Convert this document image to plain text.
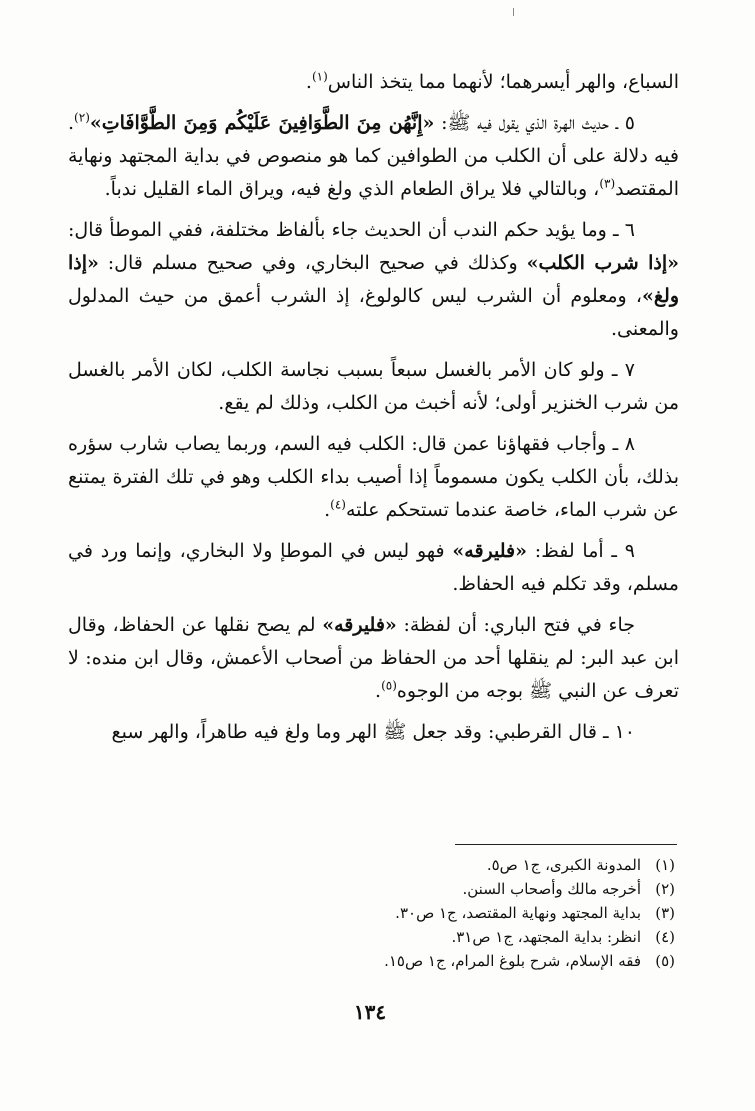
السباع، والهر أيسرهما؛ لأنهما مما يتخذ الناس$^{(١)}$.

٥ ـ حديث الهرة الذي يقول فيه ﷺ: «إِنَّهُن مِنَ الطَّوَافِينَ عَلَيْكُم وَمِنَ الطَّوَّافَاتِ»$^{(٢)}$. فيه دلالة على أن الكلب من الطوافين كما هو منصوص في بداية المجتهد ونهاية المقتصد$^{(٣)}$، وبالتالي فلا يراق الطعام الذي ولغ فيه، ويراق الماء القليل ندباً.

٦ ـ وما يؤيد حكم الندب أن الحديث جاء بألفاظ مختلفة، ففي الموطأ قال: «إذا شرب الكلب» وكذلك في صحيح البخاري، وفي صحيح مسلم قال: «إذا ولغ»، ومعلوم أن الشرب ليس كالولوغ، إذ الشرب أعمق من حيث المدلول والمعنى.

٧ ـ ولو كان الأمر بالغسل سبعاً بسبب نجاسة الكلب، لكان الأمر بالغسل من شرب الخنزير أولى؛ لأنه أخبث من الكلب، وذلك لم يقع.

٨ ـ وأجاب فقهاؤنا عمن قال: الكلب فيه السم، وربما يصاب شارب سؤره بذلك، بأن الكلب يكون مسموماً إذا أصيب بداء الكلب وهو في تلك الفترة يمتنع عن شرب الماء، خاصة عندما تستحكم علته$^{(٤)}$.

٩ ـ أما لفظ: «فليرقه» فهو ليس في الموطإ ولا البخاري، وإنما ورد في مسلم، وقد تكلم فيه الحفاظ.

جاء في فتح الباري: أن لفظة: «فليرقه» لم يصح نقلها عن الحفاظ، وقال ابن عبد البر: لم ينقلها أحد من الحفاظ من أصحاب الأعمش، وقال ابن منده: لا تعرف عن النبي ﷺ بوجه من الوجوه$^{(٥)}$.

١٠ ـ قال القرطبي: وقد جعل ﷺ الهر وما ولغ فيه طاهراً، والهر سبع

(١)المدونة الكبرى، ج١ ص٥.
(٢)أخرجه مالك وأصحاب السنن.
(٣)بداية المجتهد ونهاية المقتصد، ج١ ص٣٠.
(٤)انظر: بداية المجتهد، ج١ ص٣١.
(٥)فقه الإسلام، شرح بلوغ المرام، ج١ ص١٥.
١٣٤
